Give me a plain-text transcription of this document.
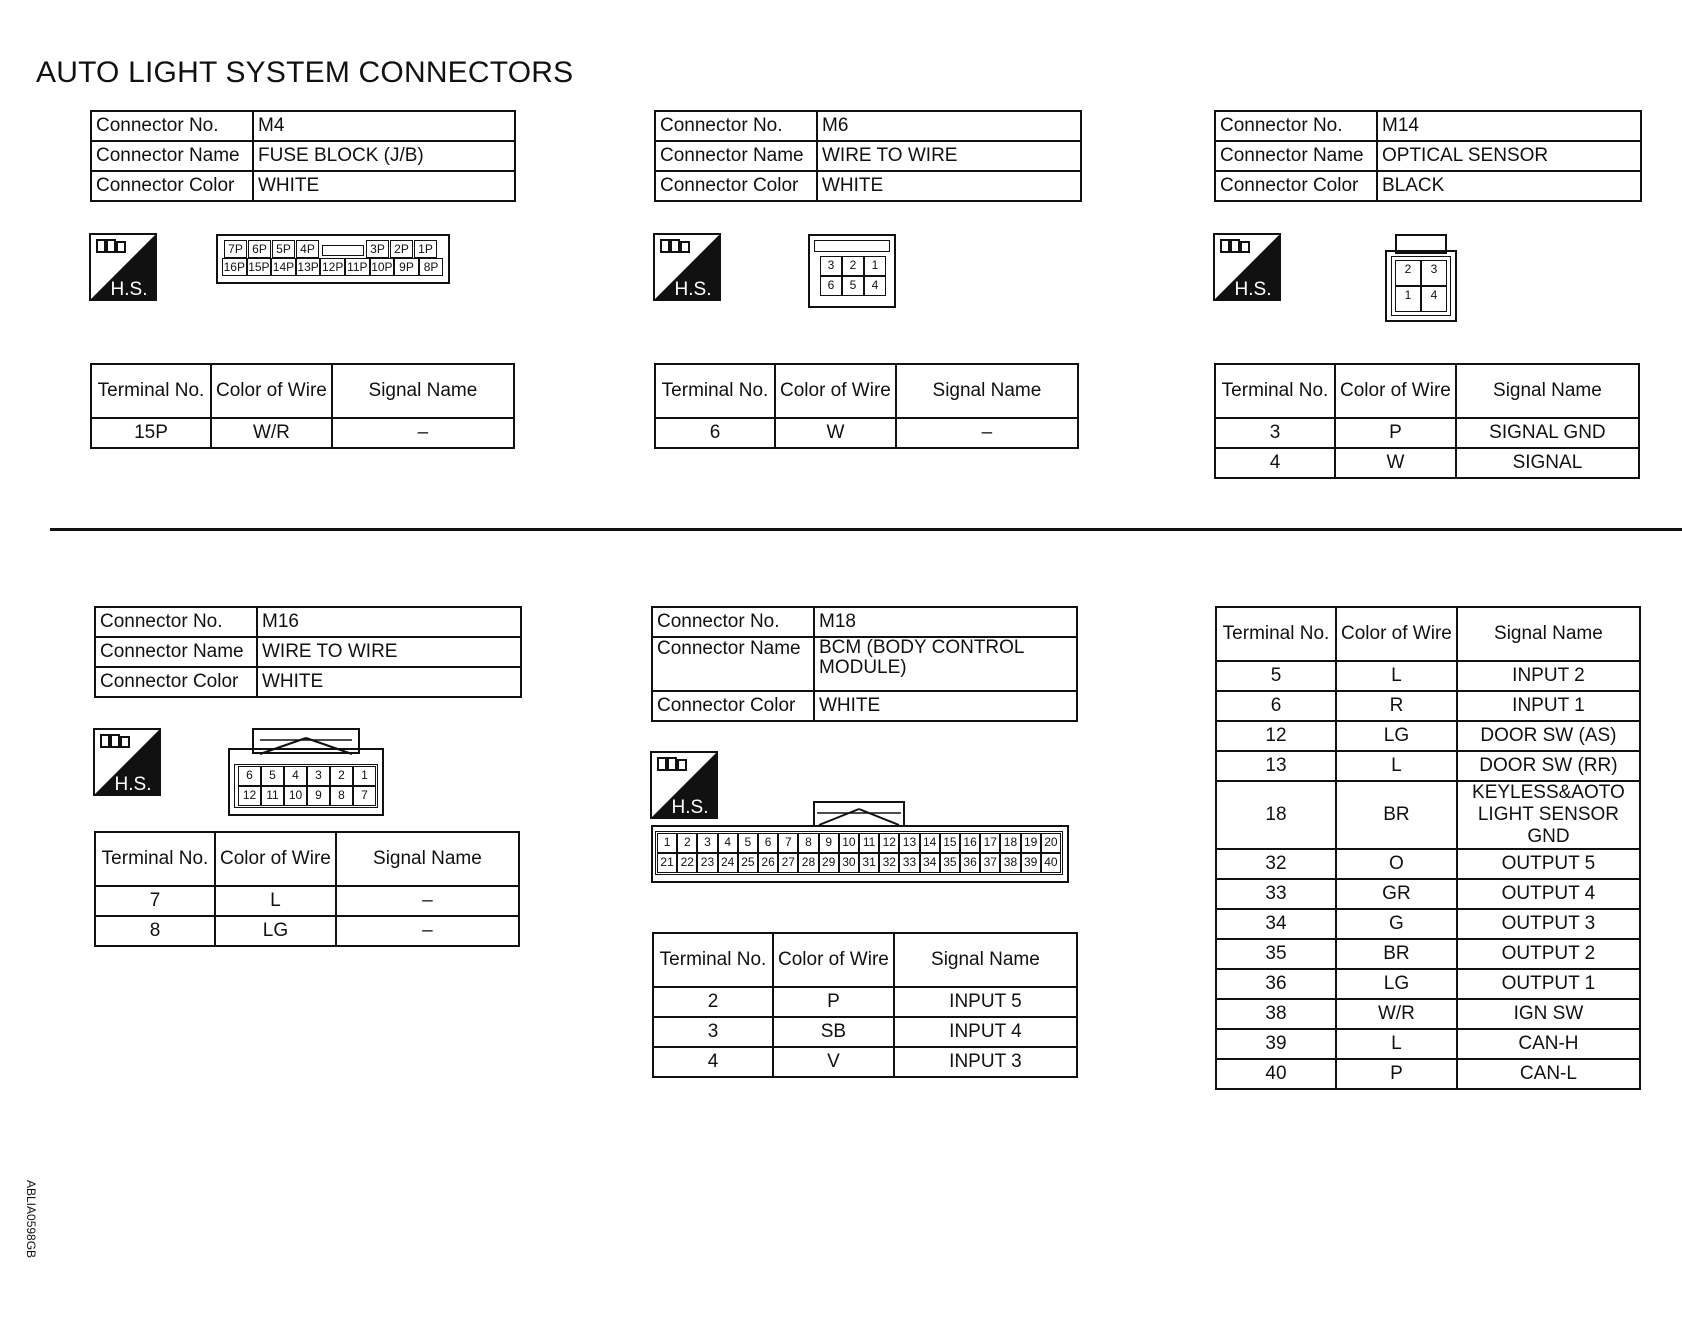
AUTO LIGHT SYSTEM CONNECTORS
ABLIA0598GB
Connector No.	M4
Connector Name	FUSE BLOCK (J/B)
Connector Color	WHITE
H.S.
7P 6P 5P 4P	3P 2P 1P
16P 15P 14P 13P 12P 11P 10P 9P 8P
Terminal No.	Color of Wire	Signal Name
15P	W/R	–
Connector No.	M6
Connector Name	WIRE TO WIRE
Connector Color	WHITE
H.S.
3	2	1
6	5	4
Terminal No.	Color of Wire	Signal Name
6	W	–
Connector No.	M14
Connector Name	OPTICAL SENSOR
Connector Color	BLACK
H.S.
2	3
1	4
Terminal No.	Color of Wire	Signal Name
3	P	SIGNAL GND
4	W	SIGNAL
Connector No.	M16
Connector Name	WIRE TO WIRE
Connector Color	WHITE
H.S.	6	5	4	3	2	1
12 11 10	9	8	7
Terminal No.	Color of Wire	Signal Name
7	L	–
8	LG	–
Connector No.	M18
Connector Name	BCM (BODY CONTROL MODULE)
Connector Color	WHITE
H.S.
1	2	3	4	5	6	7	8	9 10 11 12 13 14 15 16 17 18 19 20
21 22 23 24 25 26 27 28 29 30 31 32 33 34 35 36 37 38 39 40
Terminal No.	Color of Wire	Signal Name
2	P	INPUT 5
3	SB	INPUT 4
4	V	INPUT 3
Terminal No.	Color of Wire	Signal Name
5	L	INPUT 2
6	R	INPUT 1
12	LG	DOOR SW (AS)
13	L	DOOR SW (RR)
18	BR	KEYLESS&AOTO LIGHT SENSOR GND
32	O	OUTPUT 5
33	GR	OUTPUT 4
34	G	OUTPUT 3
35	BR	OUTPUT 2
36	LG	OUTPUT 1
38	W/R	IGN SW
39	L	CAN-H
40	P	CAN-L
